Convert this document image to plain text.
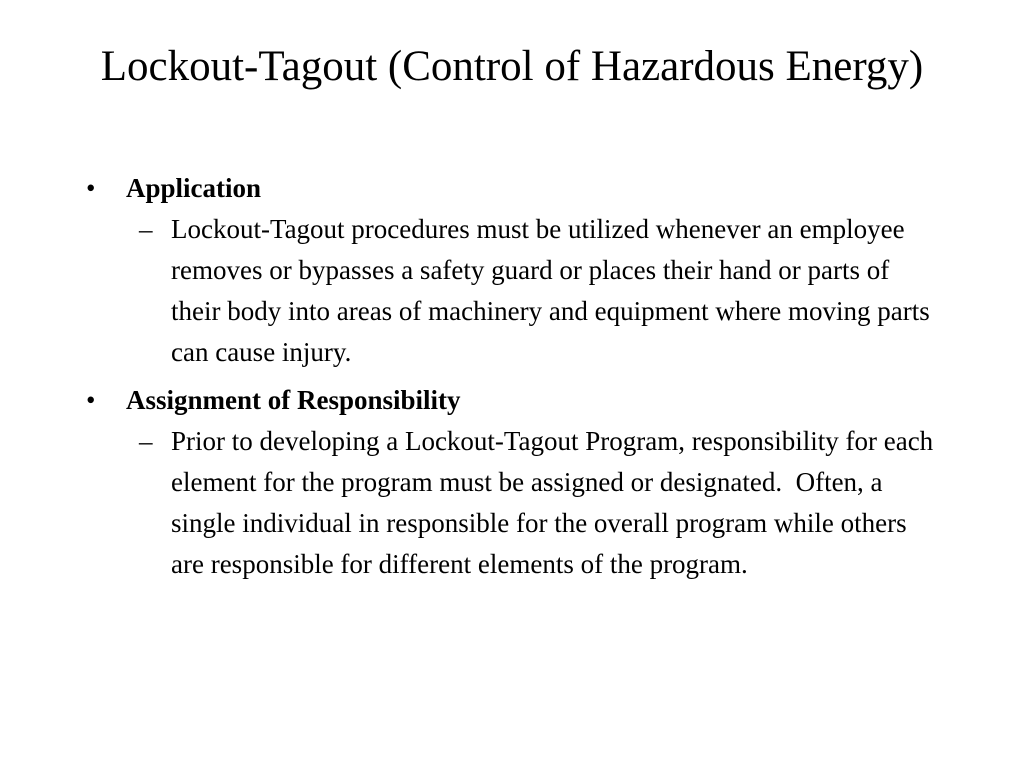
Lockout-Tagout (Control of Hazardous Energy)
•	Application
– Lockout-Tagout procedures must be utilized whenever an employee removes or bypasses a safety guard or places their hand or parts of their body into areas of machinery and equipment where moving parts can cause injury.
•	Assignment of Responsibility
– Prior to developing a Lockout-Tagout Program, responsibility for each element for the program must be assigned or designated.  Often, a single individual in responsible for the overall program while others are responsible for different elements of the program.
